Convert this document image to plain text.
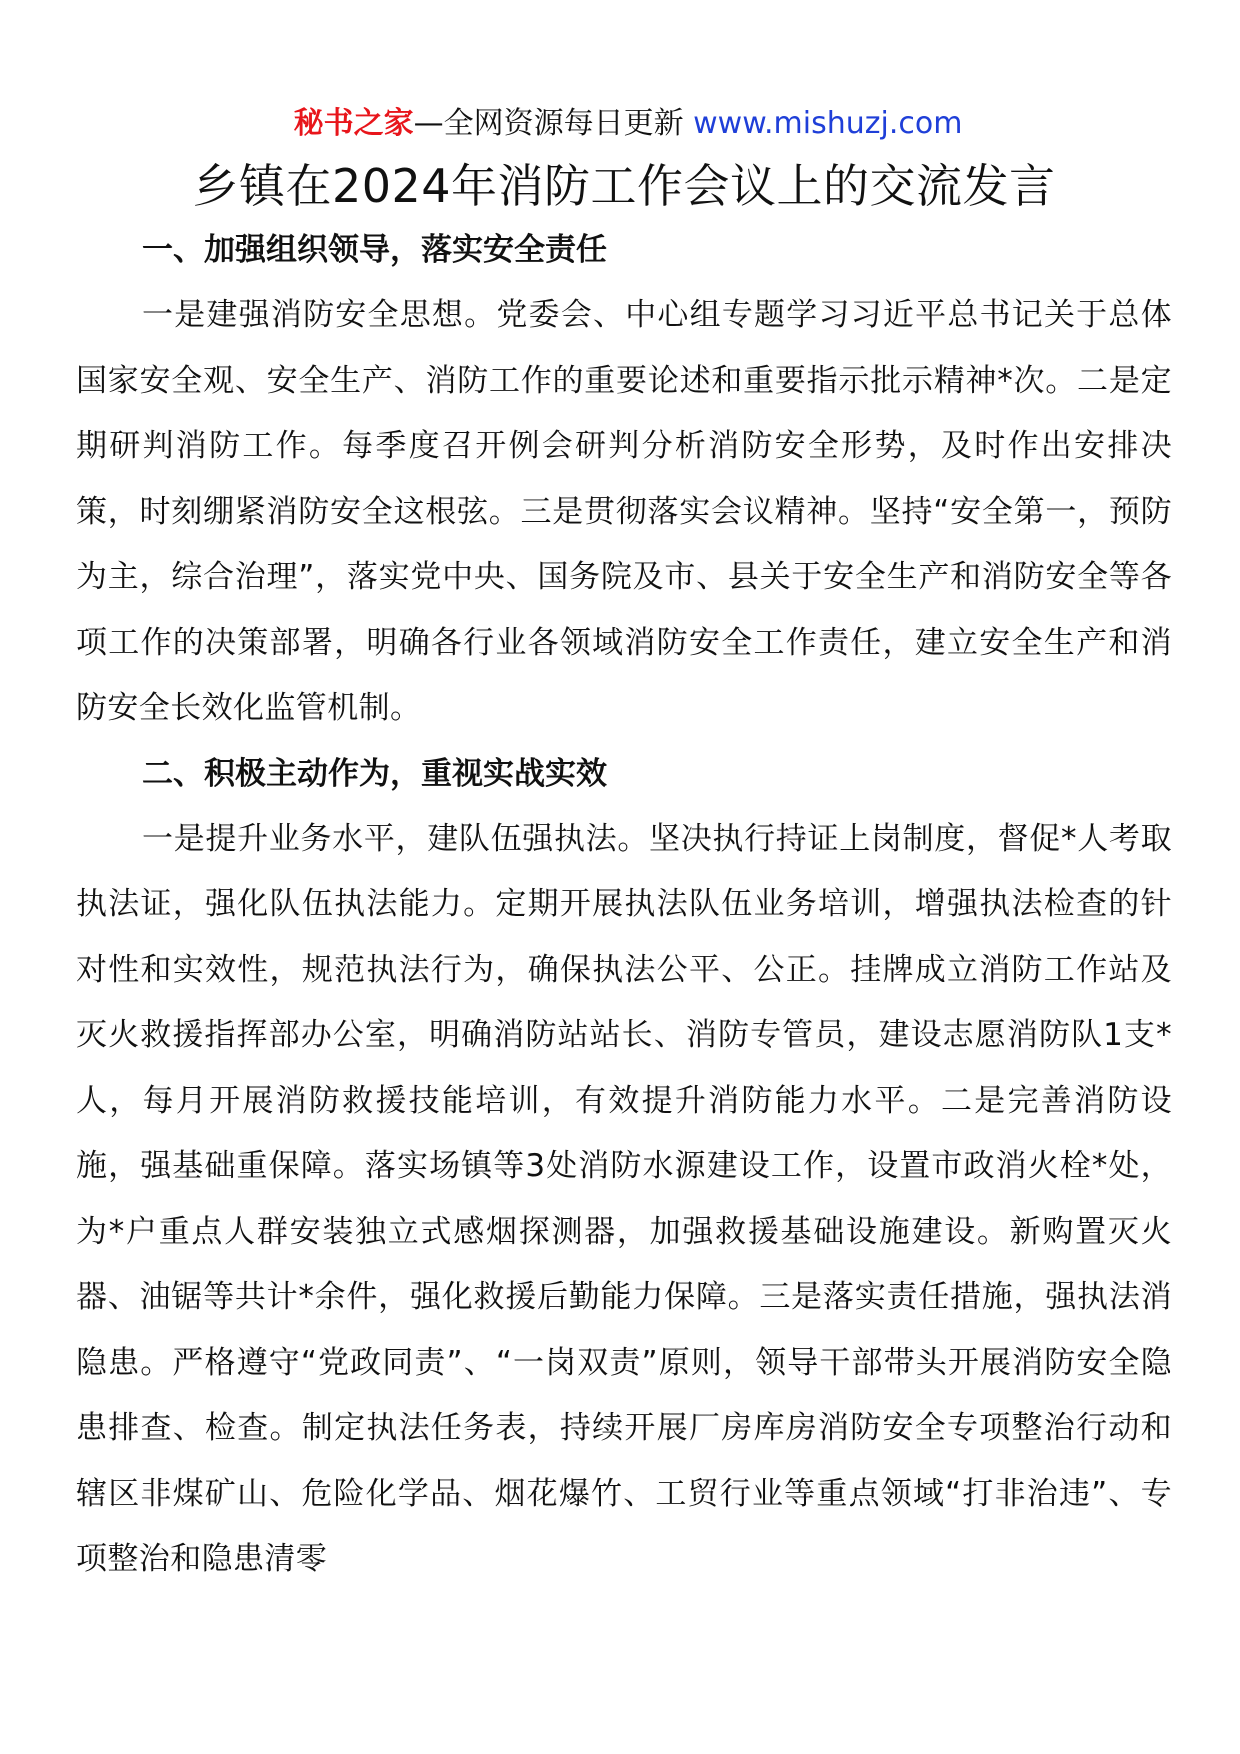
秘书之家—全网资源每日更新 www.mishuzj.com
乡镇在2024年消防工作会议上的交流发言
一、加强组织领导，落实安全责任

一是建强消防安全思想。党委会、中心组专题学习习近平总书记关于总体国家安全观、安全生产、消防工作的重要论述和重要指示批示精神*次。二是定期研判消防工作。每季度召开例会研判分析消防安全形势，及时作出安排决策，时刻绷紧消防安全这根弦。三是贯彻落实会议精神。坚持“安全第一，预防为主，综合治理”，落实党中央、国务院及市、县关于安全生产和消防安全等各项工作的决策部署，明确各行业各领域消防安全工作责任，建立安全生产和消防安全长效化监管机制。

二、积极主动作为，重视实战实效

一是提升业务水平，建队伍强执法。坚决执行持证上岗制度，督促*人考取执法证，强化队伍执法能力。定期开展执法队伍业务培训，增强执法检查的针对性和实效性，规范执法行为，确保执法公平、公正。挂牌成立消防工作站及灭火救援指挥部办公室，明确消防站站长、消防专管员，建设志愿消防队1支*人，每月开展消防救援技能培训，有效提升消防能力水平。二是完善消防设施，强基础重保障。落实场镇等3处消防水源建设工作，设置市政消火栓*处，为*户重点人群安装独立式感烟探测器，加强救援基础设施建设。新购置灭火器、油锯等共计*余件，强化救援后勤能力保障。三是落实责任措施，强执法消隐患。严格遵守“党政同责”、“一岗双责”原则，领导干部带头开展消防安全隐患排查、检查。制定执法任务表，持续开展厂房库房消防安全专项整治行动和辖区非煤矿山、危险化学品、烟花爆竹、工贸行业等重点领域“打非治违”、专项整治和隐患清零
